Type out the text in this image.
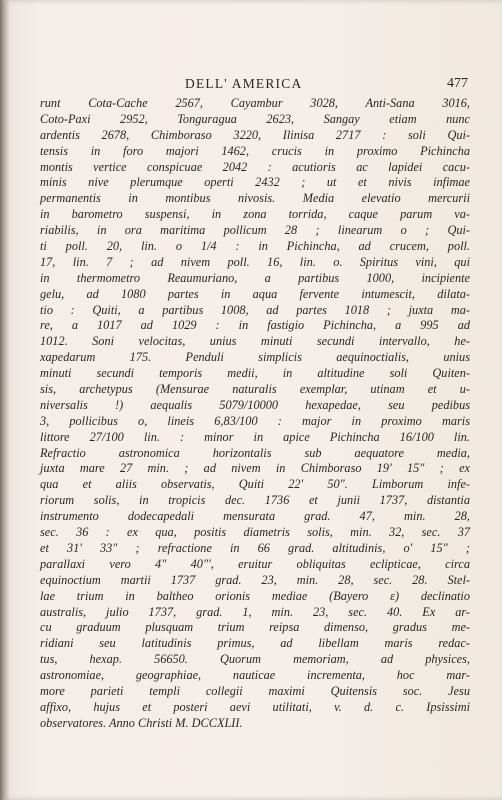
DELL' AMERICA	477
runt Cota-Cache 2567, Cayambur 3028, Anti-Sana 3016,
Coto-Paxi 2952, Tonguragua 2623, Sangay etiam nunc
ardentis 2678, Chimboraso 3220, Ilinisa 2717 : soli Qui-
tensis in foro majori 1462, crucis in proximo Pichincha
montis vertice conspicuae 2042 : acutioris ac lapidei cacu-
minis nive plerumque operti 2432 ; ut et nivis infimae
permanentis in montibus nivosis. Media elevatio mercurii
in barometro suspensi, in zona torrida, caque parum va-
riabilis, in ora maritima pollicum 28 ; linearum o ; Qui-
ti poll. 20, lin. o 1/4 : in Pichincha, ad crucem, poll.
17, lin. 7 ; ad nivem poll. 16, lin. o. Spiritus vini, qui
in thermometro Reaumuriano, a partibus 1000, incipiente
gelu, ad 1080 partes in aqua fervente intumescit, dilata-
tio : Quiti, a partibus 1008, ad partes 1018 ; juxta ma-
re, a 1017 ad 1029 : in fastigio Pichincha, a 995 ad
1012. Soni velocitas, unius minuti secundi intervallo, he-
xapedarum 175. Penduli simplicis aequinoctialis, unius
minuti secundi temporis medii, in altitudine soli Quiten-
sis, archetypus (Mensurae naturalis exemplar, utinam et u-
niversalis !) aequalis 5079/10000 hexapedae, seu pedibus
3, pollicibus o, lineis 6,83/100 : major in proximo maris
littore 27/100 lin. : minor in apice Pichincha 16/100 lin.
Refractio astronomica horizontalis sub aequatore media,
juxta mare 27 min. ; ad nivem in Chimboraso 19' 15" ; ex
qua et aliis observatis, Quiti 22' 50". Limborum infe-
riorum solis, in tropicis dec. 1736 et junii 1737, distantia
instrumento dodecapedali mensurata grad. 47, min. 28,
sec. 36 : ex qua, positis diametris solis, min. 32, sec. 37
et 31' 33" ; refractione in 66 grad. altitudinis, o' 15" ;
parallaxi vero 4" 40"', eruitur obliquitas eclipticae, circa
equinoctium martii 1737 grad. 23, min. 28, sec. 28. Stel-
lae trium in baltheo orionis mediae (Bayero ε) declinatio
australis, julio 1737, grad. 1, min. 23, sec. 40. Ex ar-
cu graduum plusquam trium reipsa dimenso, gradus me-
ridiani seu latitudinis primus, ad libellam maris redac-
tus, hexap. 56650. Quorum memoriam, ad physices,
astronomiae, geographiae, nauticae incrementa, hoc mar-
more parieti templi collegii maximi Quitensis soc. Jesu
affixo, hujus et posteri aevi utilitati, v. d. c. Ipsissimi
observatores. Anno Christi M. DCCXLII.
